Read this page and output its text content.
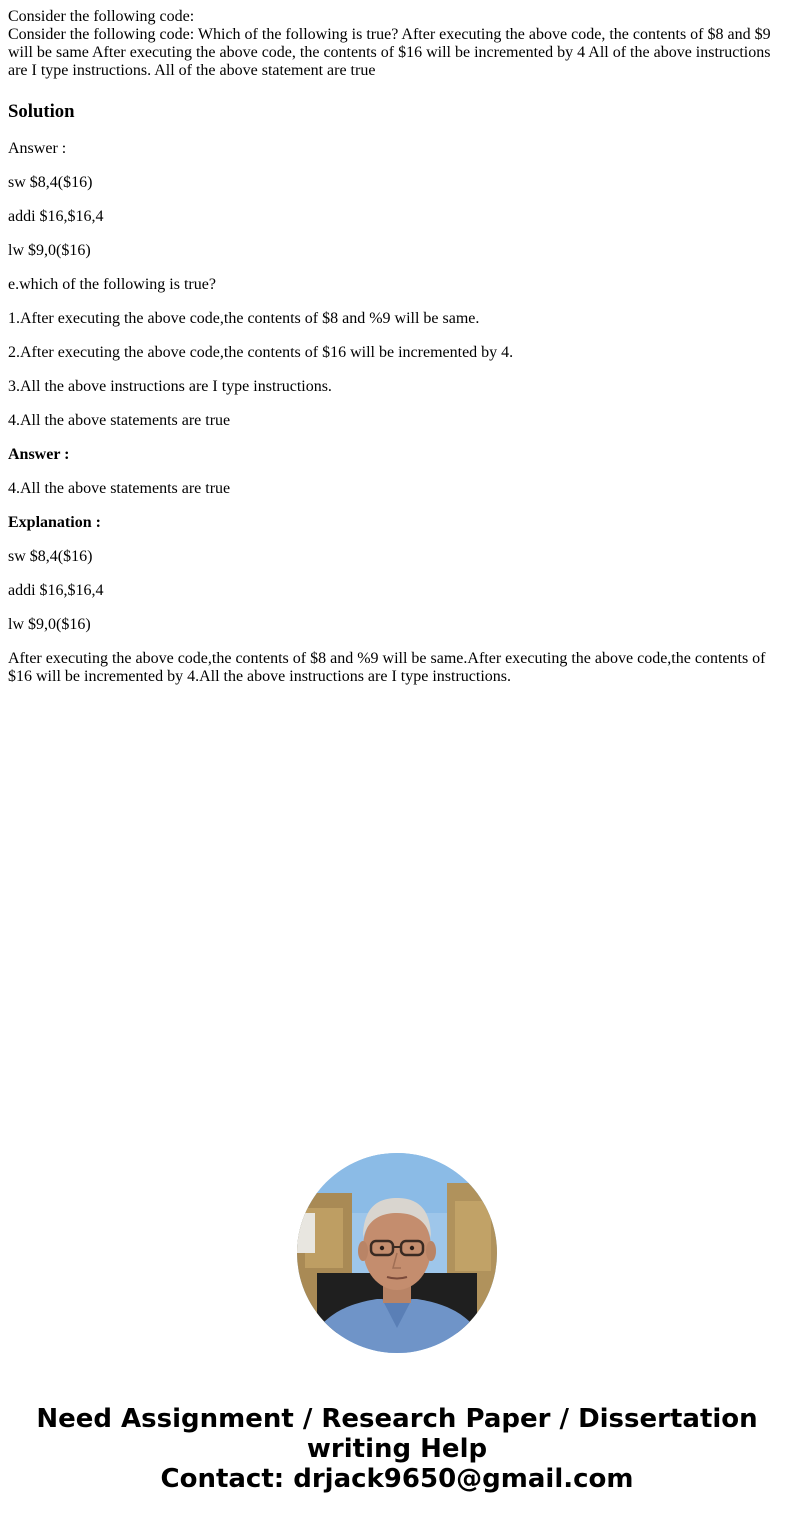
Consider the following code:
Consider the following code: Which of the following is true? After executing the above code, the contents of $8 and $9 will be same After executing the above code, the contents of $16 will be incremented by 4 All of the above instructions are I type instructions. All of the above statement are true
Solution

Answer :

sw $8,4($16)

addi $16,$16,4

lw $9,0($16)

e.which of the following is true?

1.After executing the above code,the contents of $8 and %9 will be same.

2.After executing the above code,the contents of $16 will be incremented by 4.

3.All the above instructions are I type instructions.

4.All the above statements are true

Answer :

4.All the above statements are true

Explanation :

sw $8,4($16)

addi $16,$16,4

lw $9,0($16)

After executing the above code,the contents of $8 and %9 will be same.After executing the above code,the contents of $16 will be incremented by 4.All the above instructions are I type instructions.

Need Assignment / Research Paper / Dissertation
writing Help
Contact: drjack9650@gmail.com
